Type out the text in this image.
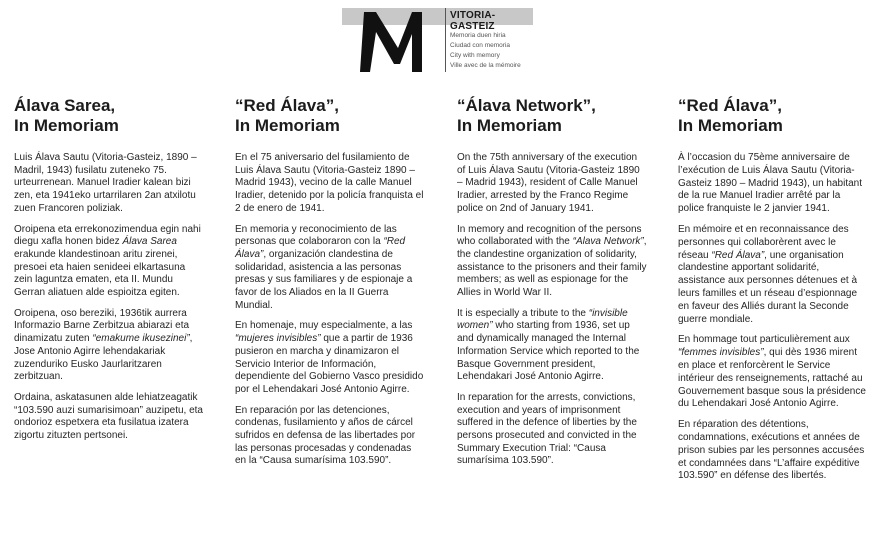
VITORIA-GASTEIZ
Memoria duen hiria
Ciudad con memoria
City with memory
Ville avec de la mémoire
Álava Sarea,
In Memoriam

Luis Álava Sautu (Vitoria-Gasteiz, 1890 – Madril, 1943) fusilatu zuteneko 75. urteurrenean. Manuel Iradier kalean bizi zen, eta 1941eko urtarrilaren 2an atxilotu zuen Francoren poliziak.

Oroipena eta errekonozimendua egin nahi diegu xafla honen bidez Álava Sarea erakunde klandestinoan aritu zirenei, presoei eta haien senideei elkartasuna zein laguntza ematen, eta II. Mundu Gerran aliatuen alde espioitza egiten.

Oroipena, oso bereziki, 1936tik aurrera Informazio Barne Zerbitzua abiarazi eta dinamizatu zuten “emakume ikusezinei”, Jose Antonio Agirre lehendakariak zuzenduriko Eusko Jaurlaritzaren zerbitzuan.

Ordaina, askatasunen alde lehiatzeagatik “103.590 auzi sumarisimoan” auzipetu, eta ondorioz espetxera eta fusilatua izatera zigortu zituzten pertsonei.

“Red Álava”,
In Memoriam

En el 75 aniversario del fusilamiento de Luis Álava Sautu (Vitoria-Gasteiz 1890 – Madrid 1943), vecino de la calle Manuel Iradier, detenido por la policía franquista el 2 de enero de 1941.

En memoria y reconocimiento de las personas que colaboraron con la “Red Álava”, organización clandestina de solidaridad, asistencia a las personas presas y sus familiares y de espionaje a favor de los Aliados en la II Guerra Mundial.

En homenaje, muy especialmente, a las “mujeres invisibles” que a partir de 1936 pusieron en marcha y dinamizaron el Servicio Interior de Información, dependiente del Gobierno Vasco presidido por el Lehendakari José Antonio Agirre.

En reparación por las detenciones, condenas, fusilamiento y años de cárcel sufridos en defensa de las libertades por las personas procesadas y condenadas en la “Causa sumarísima 103.590”.

“Álava Network”,
In Memoriam

On the 75th anniversary of the execution of Luis Álava Sautu (Vitoria-Gasteiz 1890 – Madrid 1943), resident of Calle Manuel Iradier, arrested by the Franco Regime police on 2nd of January 1941.

In memory and recognition of the persons who collaborated with the “Alava Network”, the clandestine organization of solidarity, assistance to the prisoners and their family members; as well as espionage for the Allies in World War II.

It is especially a tribute to the “invisible women” who starting from 1936, set up and dynamically managed the Internal Information Service which reported to the Basque Government president, Lehendakari José Antonio Agirre.

In reparation for the arrests, convictions, execution and years of imprisonment suffered in the defence of liberties by the persons prosecuted and convicted in the Summary Execution Trial: “Causa sumarísima 103.590”.

“Red Álava”,
In Memoriam

À l’occasion du 75ème anniversaire de l’exécution de Luis Álava Sautu (Vitoria-Gasteiz 1890 – Madrid 1943), un habitant de la rue Manuel Iradier arrêté par la police franquiste le 2 janvier 1941.

En mémoire et en reconnaissance des personnes qui collaborèrent avec le réseau “Red Álava”, une organisation clandestine apportant solidarité, assistance aux personnes détenues et à leurs familles et un réseau d’espionnage en faveur des Alliés durant la Seconde guerre mondiale.

En hommage tout particulièrement aux “femmes invisibles”, qui dès 1936 mirent en place et renforcèrent le Service intérieur des renseignements, rattaché au Gouvernement basque sous la présidence du Lehendakari José Antonio Agirre.

En réparation des détentions, condamnations, exécutions et années de prison subies par les personnes accusées et condamnées dans “L’affaire expéditive 103.590” en défense des libertés.
